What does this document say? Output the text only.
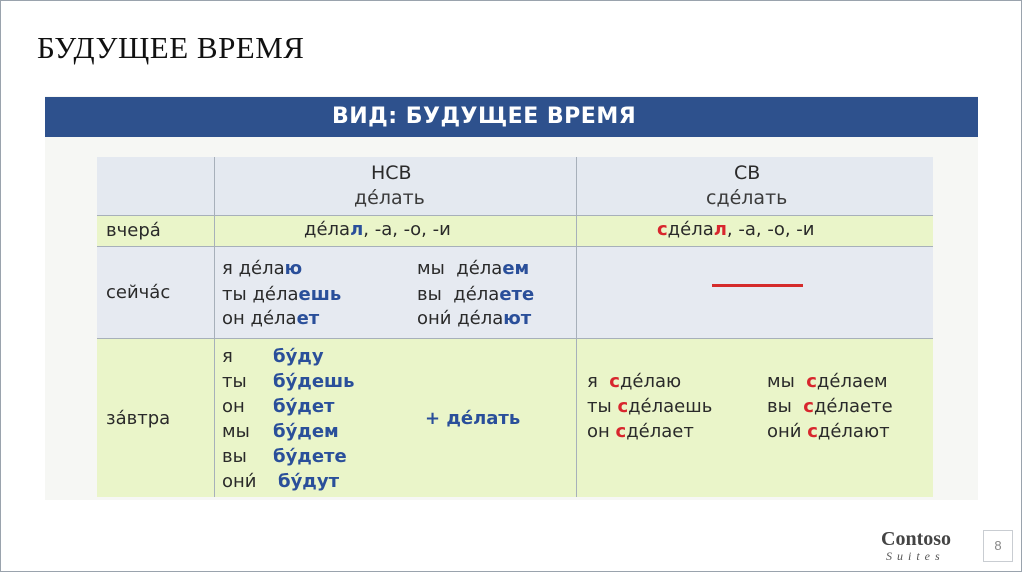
БУДУЩЕЕ ВРЕМЯ
ВИД: БУДУЩЕЕ ВРЕМЯ
НСВ
де́лать
СВ
сде́лать
вчера́	де́лал, -а, -о, -и	сде́лал, -а, -о, -и
сейча́с
я де́лаю
ты де́лаешь
он де́лает
мы де́лаем
вы де́лаете
они́ де́лают
за́втра
я бу́ду
ты бу́дешь
он бу́дет
мы бу́дем
вы бу́дете
они́ бу́дут
+ де́лать
я сде́лаю
ты сде́лаешь
он сде́лает
мы сде́лаем
вы сде́лаете
они́ сде́лают
Contoso
Suites
8
